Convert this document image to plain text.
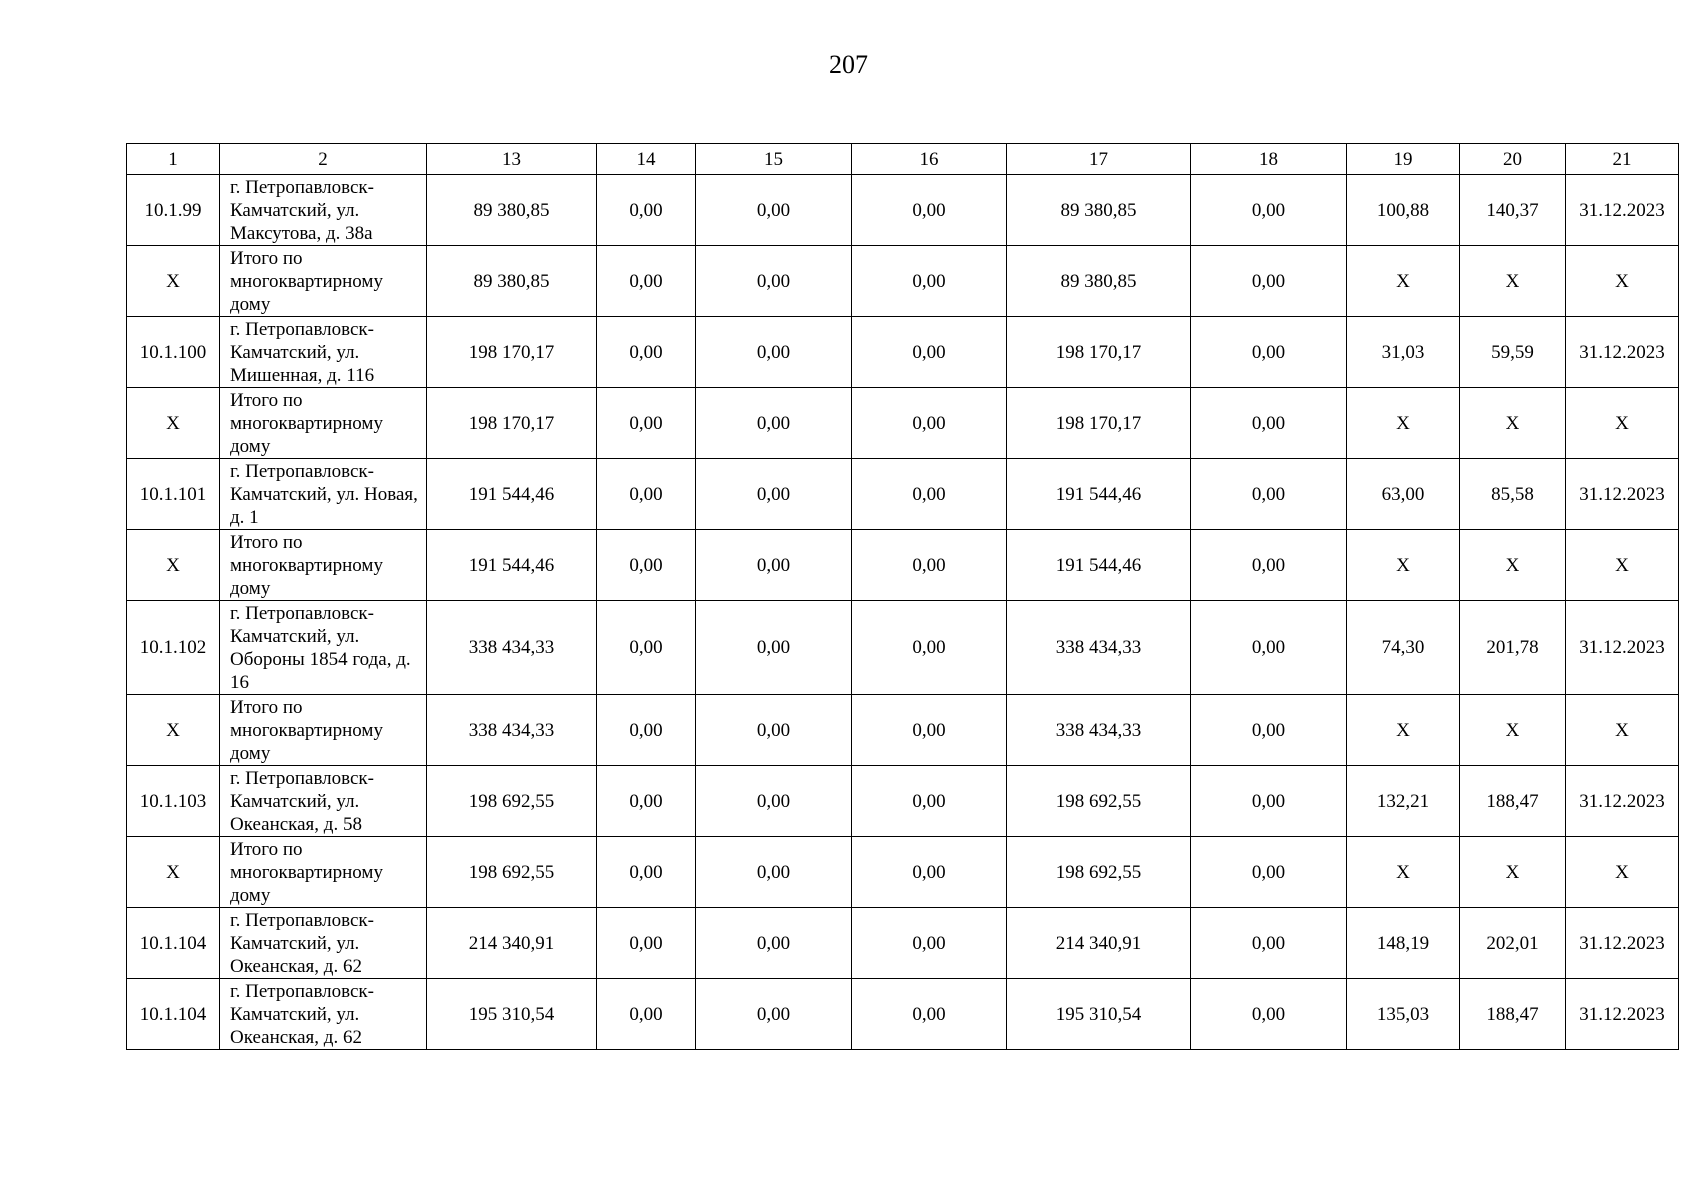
207
1	2	13	14	15	16	17	18	19	20	21
10.1.99	г. Петропавловск-Камчатский, ул. Максутова, д. 38а	89 380,85	0,00	0,00	0,00	89 380,85	0,00	100,88	140,37	31.12.2023
X	Итого по многоквартирному дому	89 380,85	0,00	0,00	0,00	89 380,85	0,00	X	X	X
10.1.100	г. Петропавловск-Камчатский, ул. Мишенная, д. 116	198 170,17	0,00	0,00	0,00	198 170,17	0,00	31,03	59,59	31.12.2023
X	Итого по многоквартирному дому	198 170,17	0,00	0,00	0,00	198 170,17	0,00	X	X	X
10.1.101	г. Петропавловск-Камчатский, ул. Новая, д. 1	191 544,46	0,00	0,00	0,00	191 544,46	0,00	63,00	85,58	31.12.2023
X	Итого по многоквартирному дому	191 544,46	0,00	0,00	0,00	191 544,46	0,00	X	X	X
10.1.102	г. Петропавловск-Камчатский, ул. Обороны 1854 года, д. 16	338 434,33	0,00	0,00	0,00	338 434,33	0,00	74,30	201,78	31.12.2023
X	Итого по многоквартирному дому	338 434,33	0,00	0,00	0,00	338 434,33	0,00	X	X	X
10.1.103	г. Петропавловск-Камчатский, ул. Океанская, д. 58	198 692,55	0,00	0,00	0,00	198 692,55	0,00	132,21	188,47	31.12.2023
X	Итого по многоквартирному дому	198 692,55	0,00	0,00	0,00	198 692,55	0,00	X	X	X
10.1.104	г. Петропавловск-Камчатский, ул. Океанская, д. 62	214 340,91	0,00	0,00	0,00	214 340,91	0,00	148,19	202,01	31.12.2023
10.1.104	г. Петропавловск-Камчатский, ул. Океанская, д. 62	195 310,54	0,00	0,00	0,00	195 310,54	0,00	135,03	188,47	31.12.2023
